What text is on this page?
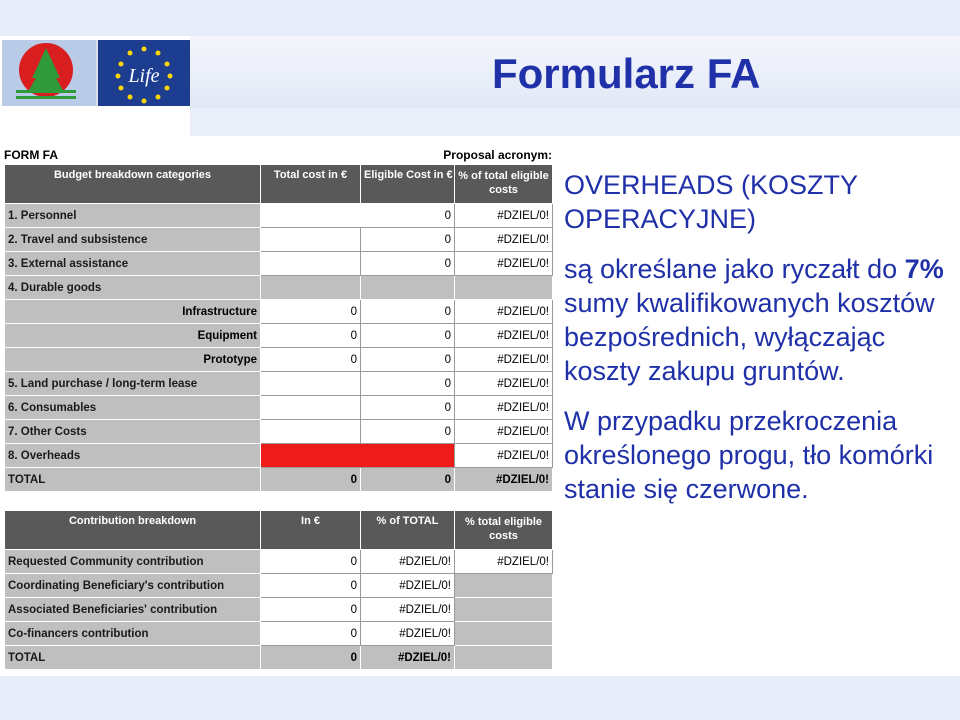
Life	Formularz FA
FORM FA	Proposal acronym:
Budget breakdown categories	Total cost in €	Eligible Cost in €	% of total eligible costs
1. Personnel		0	#DZIEL/0!
2. Travel and subsistence		0	#DZIEL/0!
3. External assistance		0	#DZIEL/0!
4. Durable goods			
Infrastructure	0	0	#DZIEL/0!
Equipment	0	0	#DZIEL/0!
Prototype	0	0	#DZIEL/0!
5. Land purchase / long-term lease		0	#DZIEL/0!
6. Consumables		0	#DZIEL/0!
7. Other Costs		0	#DZIEL/0!
8. Overheads			#DZIEL/0!
TOTAL	0	0	#DZIEL/0!
Contribution breakdown	In €	% of TOTAL	% total eligible costs
Requested Community contribution	0	#DZIEL/0!	#DZIEL/0!
Coordinating Beneficiary's contribution	0	#DZIEL/0!	
Associated Beneficiaries' contribution	0	#DZIEL/0!	
Co-financers contribution	0	#DZIEL/0!	
TOTAL	0	#DZIEL/0!	

OVERHEADS (KOSZTY OPERACYJNE)

są określane jako ryczałt do 7% sumy kwalifikowanych kosztów bezpośrednich, wyłączając koszty zakupu gruntów.

W przypadku przekroczenia określonego progu, tło komórki stanie się czerwone.
